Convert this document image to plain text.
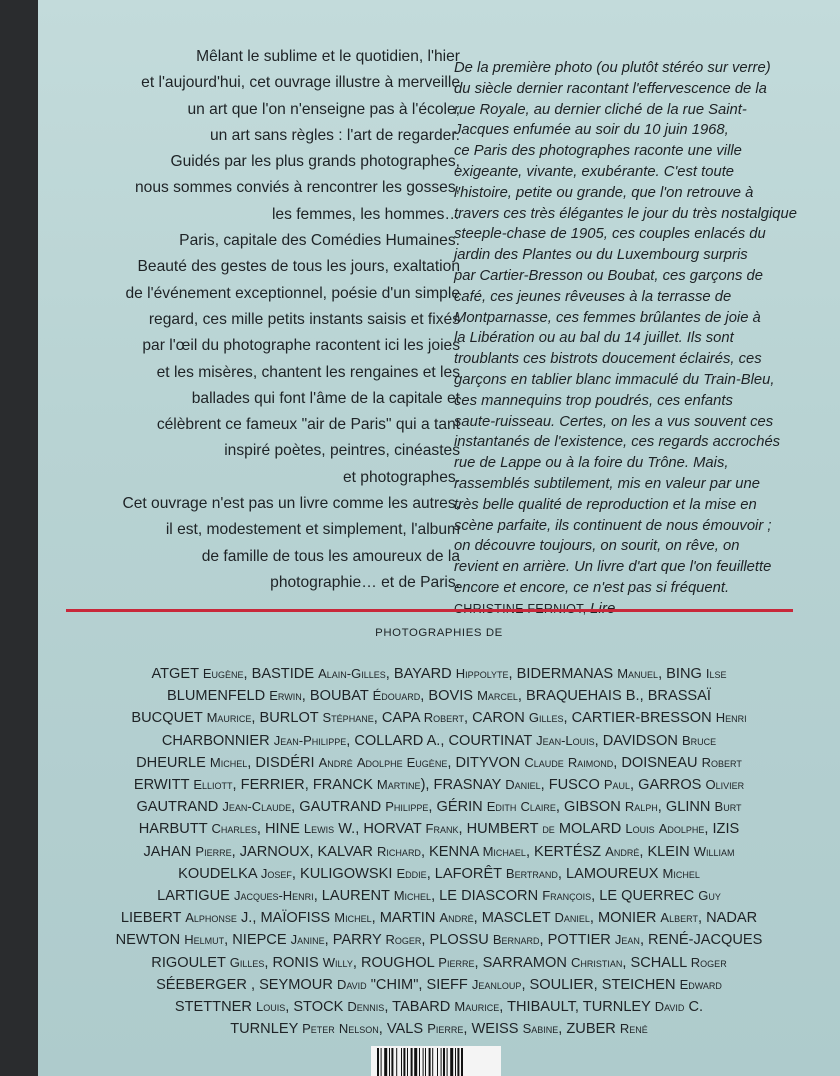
Mêlant le sublime et le quotidien, l'hier
et l'aujourd'hui, cet ouvrage illustre à merveille
un art que l'on n'enseigne pas à l'école,
un art sans règles : l'art de regarder.
Guidés par les plus grands photographes,
nous sommes conviés à rencontrer les gosses,
les femmes, les hommes…
Paris, capitale des Comédies Humaines.
Beauté des gestes de tous les jours, exaltation
de l'événement exceptionnel, poésie d'un simple
regard, ces mille petits instants saisis et fixés
par l'œil du photographe racontent ici les joies
et les misères, chantent les rengaines et les
ballades qui font l'âme de la capitale et
célèbrent ce fameux "air de Paris" qui a tant
inspiré poètes, peintres, cinéastes
et photographes.
Cet ouvrage n'est pas un livre comme les autres,
il est, modestement et simplement, l'album
de famille de tous les amoureux de la
photographie… et de Paris.
De la première photo (ou plutôt stéréo sur verre)
du siècle dernier racontant l'effervescence de la
rue Royale, au dernier cliché de la rue Saint-
Jacques enfumée au soir du 10 juin 1968,
ce Paris des photographes raconte une ville
exigeante, vivante, exubérante. C'est toute
l'histoire, petite ou grande, que l'on retrouve à
travers ces très élégantes le jour du très nostalgique
steeple-chase de 1905, ces couples enlacés du
jardin des Plantes ou du Luxembourg surpris
par Cartier-Bresson ou Boubat, ces garçons de
café, ces jeunes rêveuses à la terrasse de
Montparnasse, ces femmes brûlantes de joie à
la Libération ou au bal du 14 juillet. Ils sont
troublants ces bistrots doucement éclairés, ces
garçons en tablier blanc immaculé du Train-Bleu,
ces mannequins trop poudrés, ces enfants
saute-ruisseau. Certes, on les a vus souvent ces
instantanés de l'existence, ces regards accrochés
rue de Lappe ou à la foire du Trône. Mais,
rassemblés subtilement, mis en valeur par une
très belle qualité de reproduction et la mise en
scène parfaite, ils continuent de nous émouvoir ;
on découvre toujours, on sourit, on rêve, on
revient en arrière. Un livre d'art que l'on feuillette
encore et encore, ce n'est pas si fréquent.
PHOTOGRAPHIES DE
ATGET Eugène, BASTIDE Alain-Gilles, BAYARD Hippolyte, BIDERMANAS Manuel, BING Ilse
BLUMENFELD Erwin, BOUBAT Édouard, BOVIS Marcel, BRAQUEHAIS B., BRASSAÏ
BUCQUET Maurice, BURLOT Stéphane, CAPA Robert, CARON Gilles, CARTIER-BRESSON Henri
CHARBONNIER Jean-Philippe, COLLARD A., COURTINAT Jean-Louis, DAVIDSON Bruce
DHEURLE Michel, DISDÉRI André Adolphe Eugène, DITYVON Claude Raimond, DOISNEAU Robert
ERWITT Elliott, FERRIER, FRANCK Martine), FRASNAY Daniel, FUSCO Paul, GARROS Olivier
GAUTRAND Jean-Claude, GAUTRAND Philippe, GÉRIN Edith Claire, GIBSON Ralph, GLINN Burt
HARBUTT Charles, HINE Lewis W., HORVAT Frank, HUMBERT de MOLARD Louis Adolphe, IZIS
JAHAN Pierre, JARNOUX, KALVAR Richard, KENNA Michael, KERTÉSZ André, KLEIN William
KOUDELKA Josef, KULIGOWSKI Eddie, LAFORÊT Bertrand, LAMOUREUX Michel
LARTIGUE Jacques-Henri, LAURENT Michel, LE DIASCORN François, LE QUERREC Guy
LIEBERT Alphonse J., MAÏOFISS Michel, MARTIN André, MASCLET Daniel, MONIER Albert, NADAR
NEWTON Helmut, NIEPCE Janine, PARRY Roger, PLOSSU Bernard, POTTIER Jean, RENÉ-JACQUES
RIGOULET Gilles, RONIS Willy, ROUGHOL Pierre, SARRAMON Christian, SCHALL Roger
SÉEBERGER , SEYMOUR David "CHIM", SIEFF Jeanloup, SOULIER, STEICHEN Edward
STETTNER Louis, STOCK Dennis, TABARD Maurice, THIBAULT, TURNLEY David C.
TURNLEY Peter Nelson, VALS Pierre, WEISS Sabine, ZUBER René
